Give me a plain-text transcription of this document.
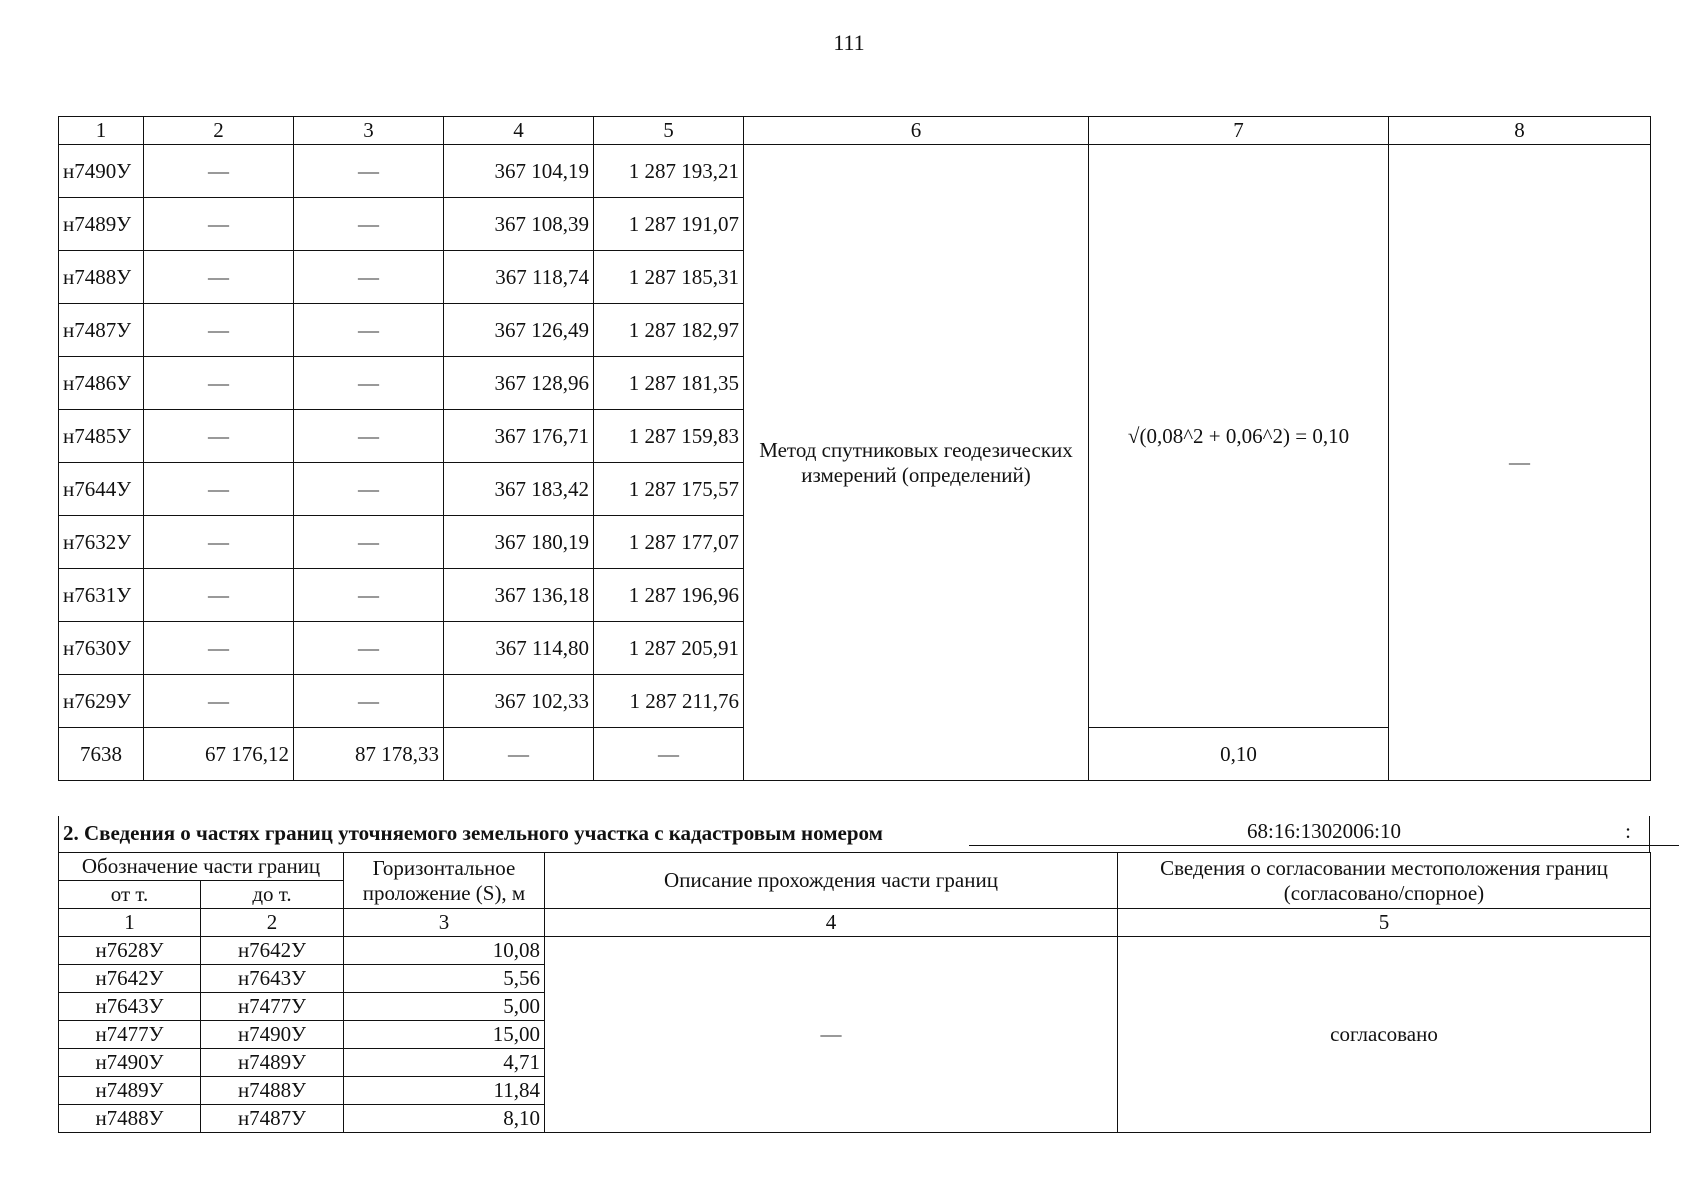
111
1	2	3	4	5	6	7	8
н7490У	—	—	367 104,19	1 287 193,21	Метод спутниковых геодезических измерений (определений)	√(0,08^2 + 0,06^2) = 0,10	—
н7489У	—	—	367 108,39	1 287 191,07			
н7488У	—	—	367 118,74	1 287 185,31			
н7487У	—	—	367 126,49	1 287 182,97			
н7486У	—	—	367 128,96	1 287 181,35			
н7485У	—	—	367 176,71	1 287 159,83			
н7644У	—	—	367 183,42	1 287 175,57			
н7632У	—	—	367 180,19	1 287 177,07			
н7631У	—	—	367 136,18	1 287 196,96			
н7630У	—	—	367 114,80	1 287 205,91			
н7629У	—	—	367 102,33	1 287 211,76			
7638	67 176,12	87 178,33	—	—		0,10	
2. Сведения о частях границ уточняемого земельного участка с кадастровым номером	68:16:1302006:10	:
Обозначение части границ		Горизонтальное проложение (S), м	Описание прохождения части границ	Сведения о согласовании местоположения границ (согласовано/спорное)
от т.	до т.			
1	2	3	4	5
н7628У	н7642У	10,08	—	согласовано
н7642У	н7643У	5,56		
н7643У	н7477У	5,00		
н7477У	н7490У	15,00		
н7490У	н7489У	4,71		
н7489У	н7488У	11,84		
н7488У	н7487У	8,10		
